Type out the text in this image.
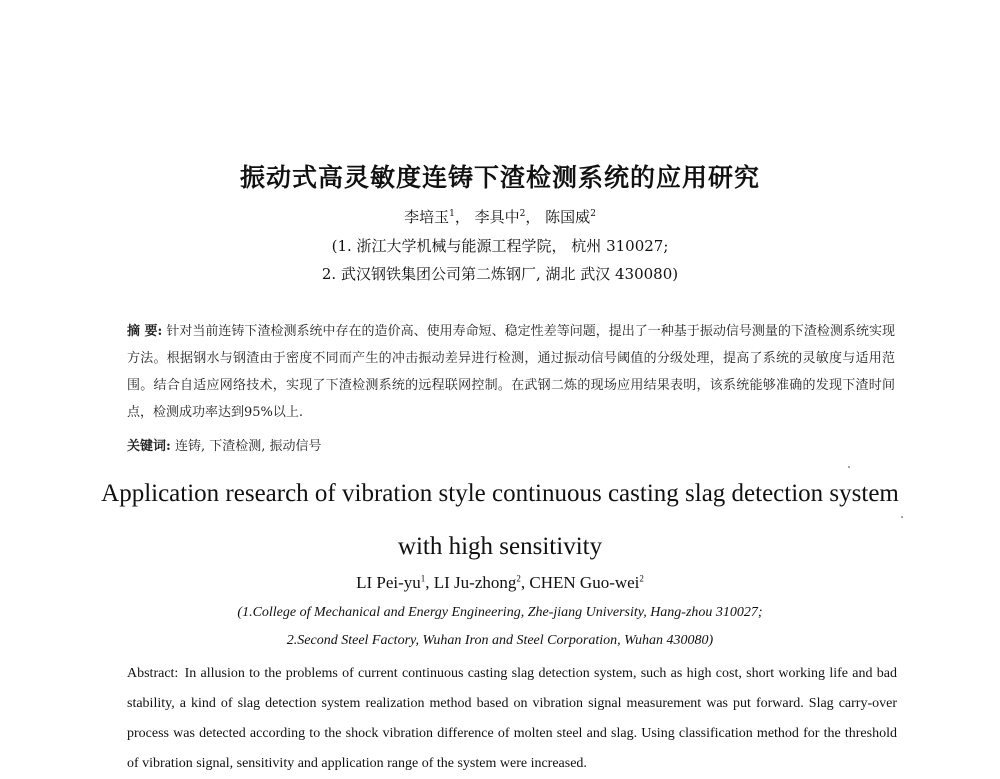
振动式高灵敏度连铸下渣检测系统的应用研究
李培玉$^1$， 李具中$^2$， 陈国威$^2$
(1. 浙江大学机械与能源工程学院， 杭州 310027;
2. 武汉钢铁集团公司第二炼钢厂, 湖北 武汉 430080)
摘 要: 针对当前连铸下渣检测系统中存在的造价高、使用寿命短、稳定性差等问题，提出了一种基于振动信号测量的下渣检测系统实现方法。根据钢水与钢渣由于密度不同而产生的冲击振动差异进行检测，通过振动信号阈值的分级处理，提高了系统的灵敏度与适用范围。结合自适应网络技术，实现了下渣检测系统的远程联网控制。在武钢二炼的现场应用结果表明，该系统能够准确的发现下渣时间点，检测成功率达到95%以上.
关键词: 连铸, 下渣检测, 振动信号
Application research of vibration style continuous casting slag detection system
with high sensitivity
LI Pei-$yu^1$, LI Ju-zhong$^2$, CHEN Guo-wei$^2$
(1.College of Mechanical and Energy Engineering, Zhe-jiang University, Hang-zhou 310027;
2.Second Steel Factory, Wuhan Iron and Steel Corporation, Wuhan 430080)
Abstract: In allusion to the problems of current continuous casting slag detection system, such as high cost, short working life and bad stability, a kind of slag detection system realization method based on vibration signal measurement was put forward. Slag carry-over process was detected according to the shock vibration difference of molten steel and slag. Using classification method for the threshold of vibration signal, sensitivity and application range of the system were increased.
